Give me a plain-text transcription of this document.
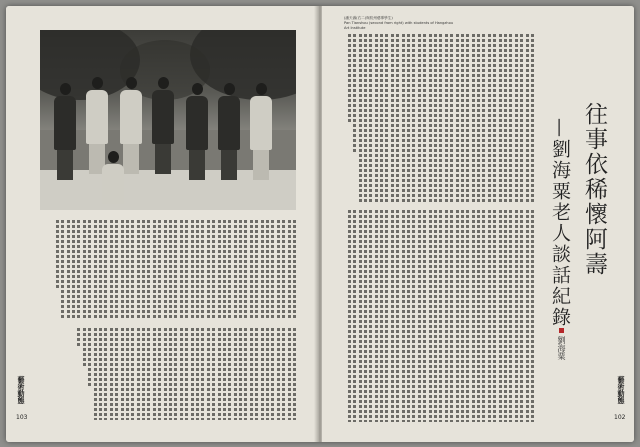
藝術動態
103
(潘天壽(右二)與杭州藝專學生)
Pan Tianshou (second from right) with students of Hangzhou Art Institute
往事依稀懷阿壽
—劉海粟老人談話紀錄
劉海粟
藝術動態
102
